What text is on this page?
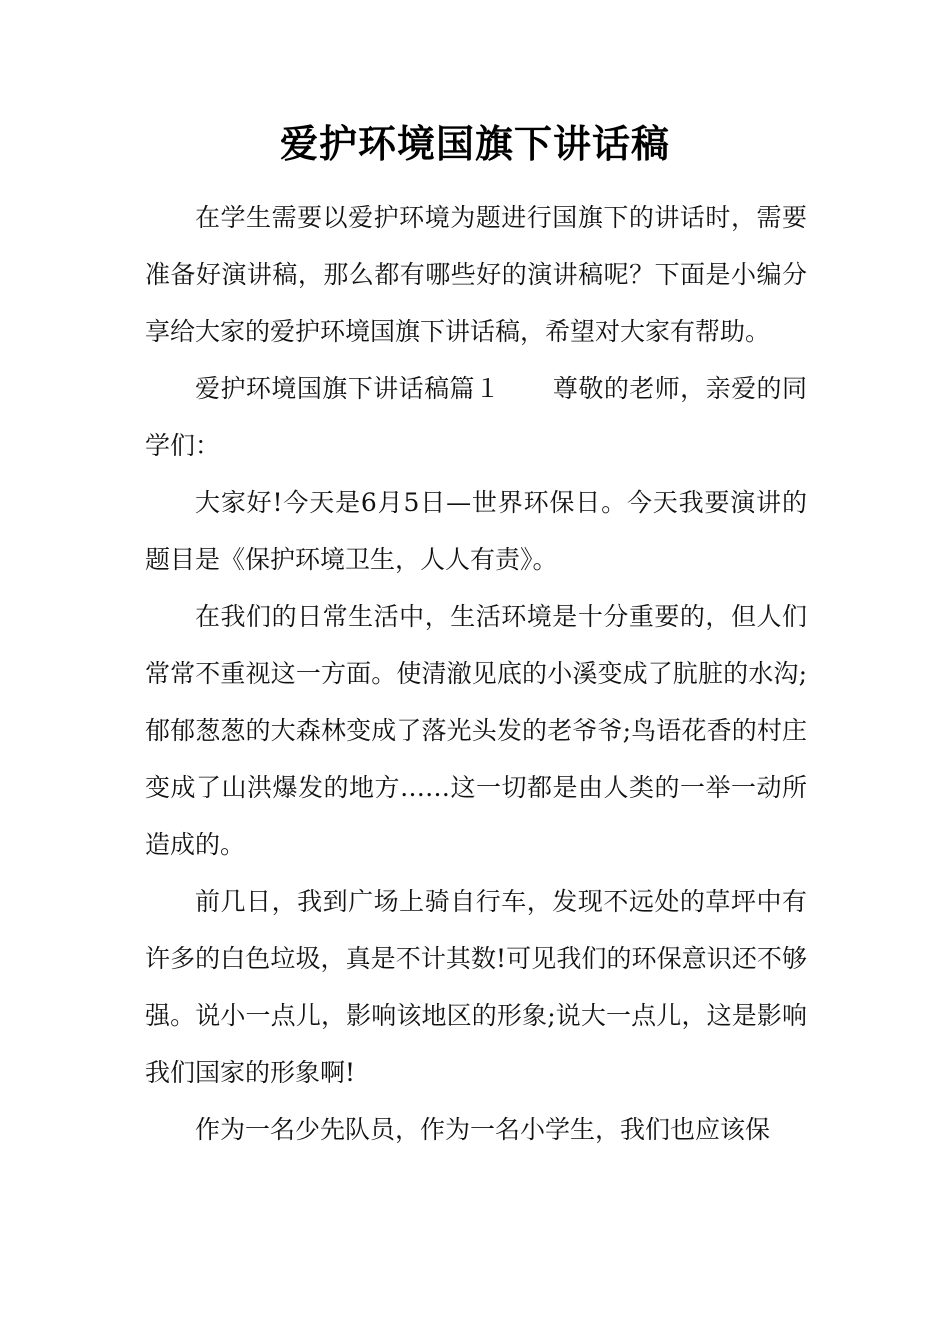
爱护环境国旗下讲话稿

在学生需要以爱护环境为题进行国旗下的讲话时，需要准备好演讲稿，那么都有哪些好的演讲稿呢？下面是小编分享给大家的爱护环境国旗下讲话稿，希望对大家有帮助。

爱护环境国旗下讲话稿篇１ 尊敬的老师，亲爱的同学们：

大家好!今天是6月5日—世界环保日。今天我要演讲的题目是《保护环境卫生，人人有责》。

在我们的日常生活中，生活环境是十分重要的，但人们常常不重视这一方面。使清澈见底的小溪变成了肮脏的水沟;郁郁葱葱的大森林变成了落光头发的老爷爷;鸟语花香的村庄变成了山洪爆发的地方……这一切都是由人类的一举一动所造成的。

前几日，我到广场上骑自行车，发现不远处的草坪中有许多的白色垃圾，真是不计其数!可见我们的环保意识还不够强。说小一点儿，影响该地区的形象;说大一点儿，这是影响我们国家的形象啊!

作为一名少先队员，作为一名小学生，我们也应该保
